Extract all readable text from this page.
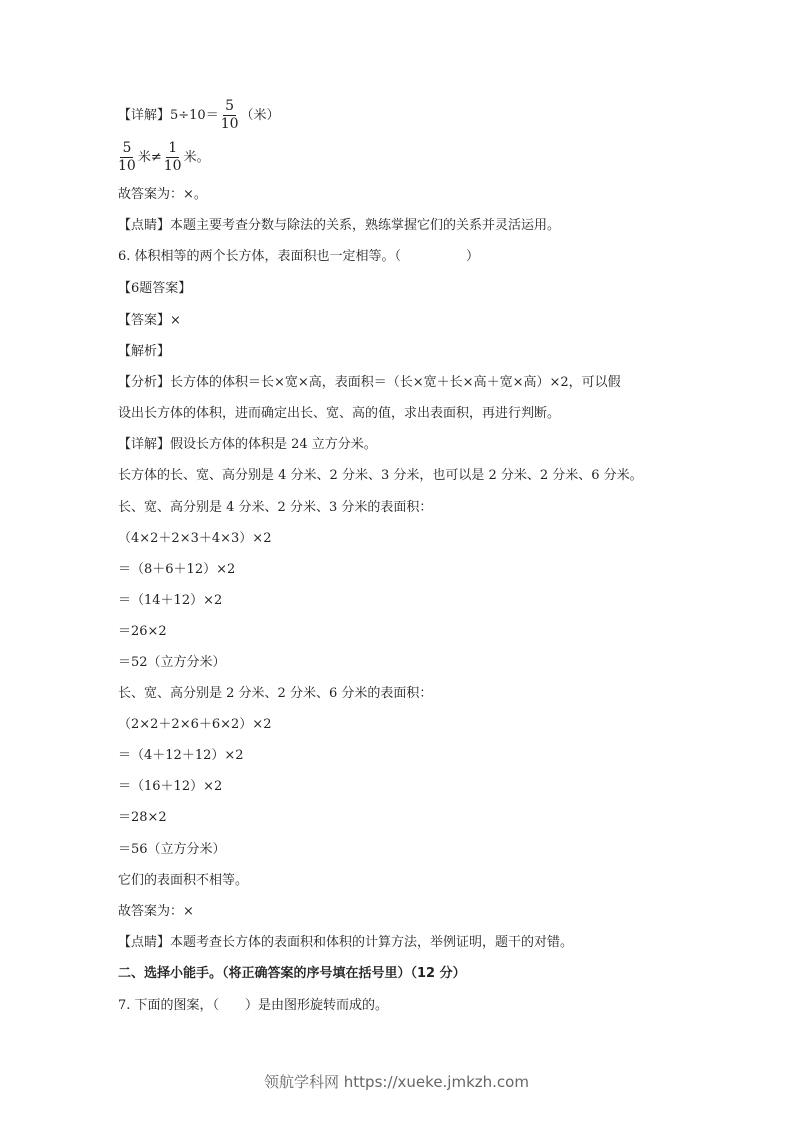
【详解】$5\div 10= \frac{5}{10}$ （米）
$\frac{5}{10}$ 米≠ $\frac{1}{10}$ 米。
故答案为：×。
【点睛】本题主要考查分数与除法的关系，熟练掌握它们的关系并灵活运用。
6. 体积相等的两个长方体，表面积也一定相等。（　　　　　）
【6题答案】
【答案】×
【解析】
【分析】长方体的体积＝长×宽×高，表面积＝（长×宽＋长×高＋宽×高）×2，可以假
设出长方体的体积，进而确定出长、宽、高的值，求出表面积，再进行判断。
【详解】假设长方体的体积是 24 立方分米。
长方体的长、宽、高分别是 4 分米、2 分米、3 分米，也可以是 2 分米、2 分米、6 分米。
长、宽、高分别是 4 分米、2 分米、3 分米的表面积：
（4×2＋2×3＋4×3）×2
＝（8＋6＋12）×2
＝（14＋12）×2
＝26×2
＝52（立方分米）
长、宽、高分别是 2 分米、2 分米、6 分米的表面积：
（2×2＋2×6＋6×2）×2
＝（4＋12＋12）×2
＝（16＋12）×2
＝28×2
＝56（立方分米）
它们的表面积不相等。
故答案为：×
【点睛】本题考查长方体的表面积和体积的计算方法，举例证明，题干的对错。
二、选择小能手。（将正确答案的序号填在括号里）（12 分）
7. 下面的图案，（　　）是由图形旋转而成的。
领航学科网 https://xueke.jmkzh.com
